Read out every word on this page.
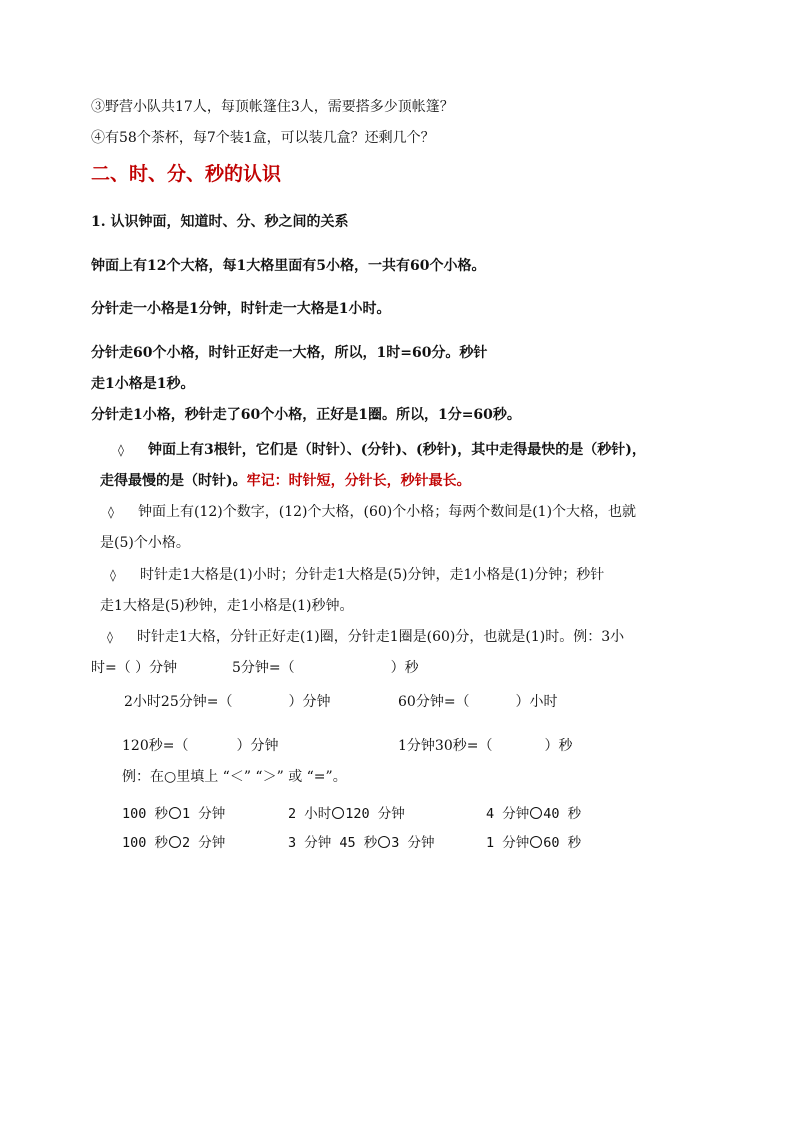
③野营小队共17人，每顶帐篷住3人，需要搭多少顶帐篷？
④有58个茶杯，每7个装1盒，可以装几盒？还剩几个？
二、时、分、秒的认识
1. 认识钟面，知道时、分、秒之间的关系
钟面上有12个大格，每1大格里面有5小格，一共有60个小格。
分针走一小格是1分钟，时针走一大格是1小时。
分针走60个小格，时针正好走一大格，所以，1时=60分。秒针
走1小格是1秒。
分针走1小格，秒针走了60个小格，正好是1圈。所以，1分=60秒。
◊ 钟面上有3根针，它们是（时针）、(分针)、(秒针)，其中走得最快的是（秒针)，
走得最慢的是（时针)。牢记：时针短，分针长，秒针最长。
◊ 钟面上有(12)个数字，(12)个大格，(60)个小格；每两个数间是(1)个大格，也就
是(5)个小格。
◊ 时针走1大格是(1)小时；分针走1大格是(5)分钟，走1小格是(1)分钟；秒针
走1大格是(5)秒钟，走1小格是(1)秒钟。
◊ 时针走1大格，分针正好走(1)圈，分针走1圈是(60)分，也就是(1)时。例：3小
时=（ ）分钟	5分钟=（	）秒
2小时25分钟=（	）分钟	60分钟=（	）小时
120秒=（	）分钟	1分钟30秒=（	）秒
例：在○里填上 “＜” “＞” 或 “=”。
100 秒 1 分钟	2 小时 120 分钟	4 分钟 40 秒
100 秒 2 分钟	3 分钟 45 秒 3 分钟	1 分钟 60 秒
